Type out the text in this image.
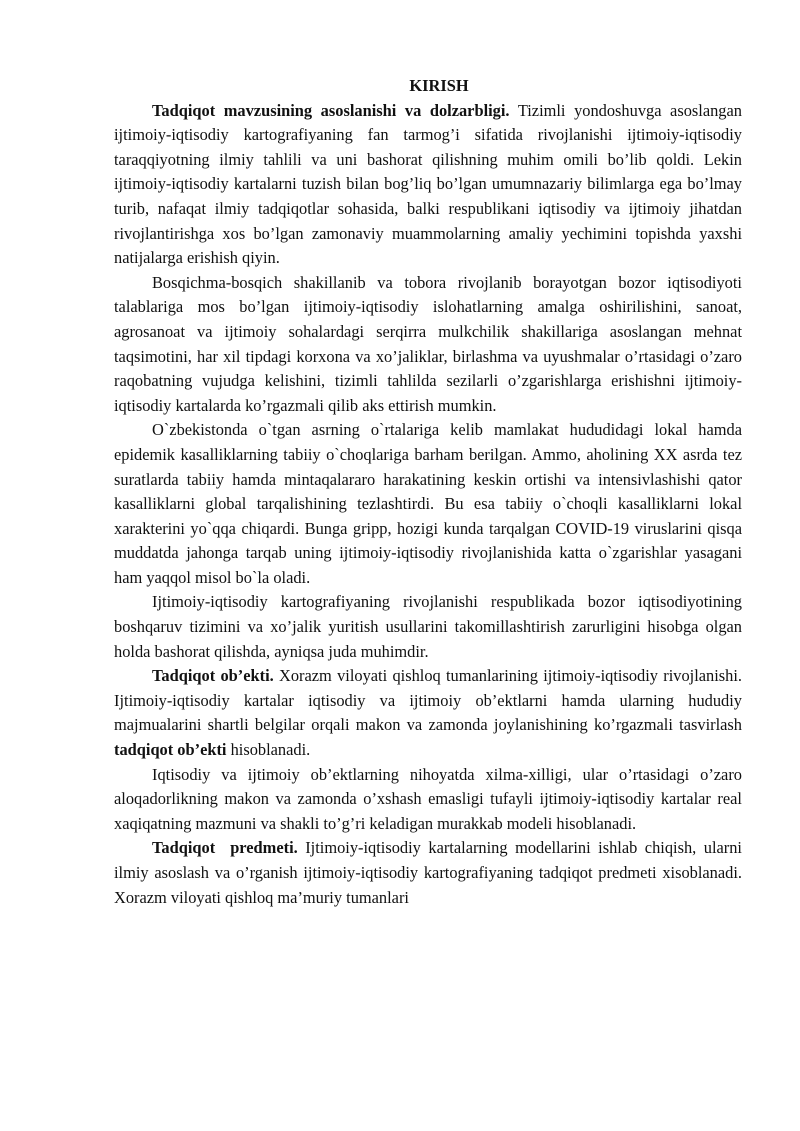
KIRISH

Tadqiqot mavzusining asoslanishi va dolzarbligi. Tizimli yondoshuvga asoslangan ijtimoiy-iqtisodiy kartografiyaning fan tarmog’i sifatida rivojlanishi ijtimoiy-iqtisodiy taraqqiyotning ilmiy tahlili va uni bashorat qilishning muhim omili bo’lib qoldi. Lekin ijtimoiy-iqtisodiy kartalarni tuzish bilan bog’liq bo’lgan umumnazariy bilimlarga ega bo’lmay turib, nafaqat ilmiy tadqiqotlar sohasida, balki respublikani iqtisodiy va ijtimoiy jihatdan rivojlantirishga xos bo’lgan zamonaviy muammolarning amaliy yechimini topishda yaxshi natijalarga erishish qiyin.

Bosqichma-bosqich shakillanib va tobora rivojlanib borayotgan bozor iqtisodiyoti talablariga mos bo’lgan ijtimoiy-iqtisodiy islohatlarning amalga oshirilishini, sanoat, agrosanoat va ijtimoiy sohalardagi serqirra mulkchilik shakillariga asoslangan mehnat taqsimotini, har xil tipdagi korxona va xo’jaliklar, birlashma va uyushmalar o’rtasidagi o’zaro raqobatning vujudga kelishini, tizimli tahlilda sezilarli o’zgarishlarga erishishni ijtimoiy-iqtisodiy kartalarda ko’rgazmali qilib aks ettirish mumkin.

O`zbekistonda o`tgan asrning o`rtalariga kelib mamlakat hududidagi lokal hamda epidemik kasalliklarning tabiiy o`choqlariga barham berilgan. Ammo, aholining XX asrda tez suratlarda tabiiy hamda mintaqalararo harakatining keskin ortishi va intensivlashishi qator kasalliklarni global tarqalishining tezlashtirdi. Bu esa tabiiy o`choqli kasalliklarni lokal xarakterini yo`qqa chiqardi. Bunga gripp, hozigi kunda tarqalgan COVID-19 viruslarini qisqa muddatda jahonga tarqab uning ijtimoiy-iqtisodiy rivojlanishida katta o`zgarishlar yasagani ham yaqqol misol bo`la oladi.

Ijtimoiy-iqtisodiy kartografiyaning rivojlanishi respublikada bozor iqtisodiyotining boshqaruv tizimini va xo’jalik yuritish usullarini takomillashtirish zarurligini hisobga olgan holda bashorat qilishda, ayniqsa juda muhimdir.

Tadqiqot ob’ekti. Xorazm viloyati qishloq tumanlarining ijtimoiy-iqtisodiy rivojlanishi. Ijtimoiy-iqtisodiy kartalar iqtisodiy va ijtimoiy ob’ektlarni hamda ularning hududiy majmualarini shartli belgilar orqali makon va zamonda joylanishining ko’rgazmali tasvirlash tadqiqot ob’ekti hisoblanadi.

Iqtisodiy va ijtimoiy ob’ektlarning nihoyatda xilma-xilligi, ular o’rtasidagi o’zaro aloqadorlikning makon va zamonda o’xshash emasligi tufayli ijtimoiy-iqtisodiy kartalar real xaqiqatning mazmuni va shakli to’g’ri keladigan murakkab modeli hisoblanadi.

Tadqiqot  predmeti. Ijtimoiy-iqtisodiy kartalarning modellarini ishlab chiqish, ularni ilmiy asoslash va o’rganish ijtimoiy-iqtisodiy kartografiyaning tadqiqot predmeti xisoblanadi. Xorazm viloyati qishloq ma’muriy tumanlari
